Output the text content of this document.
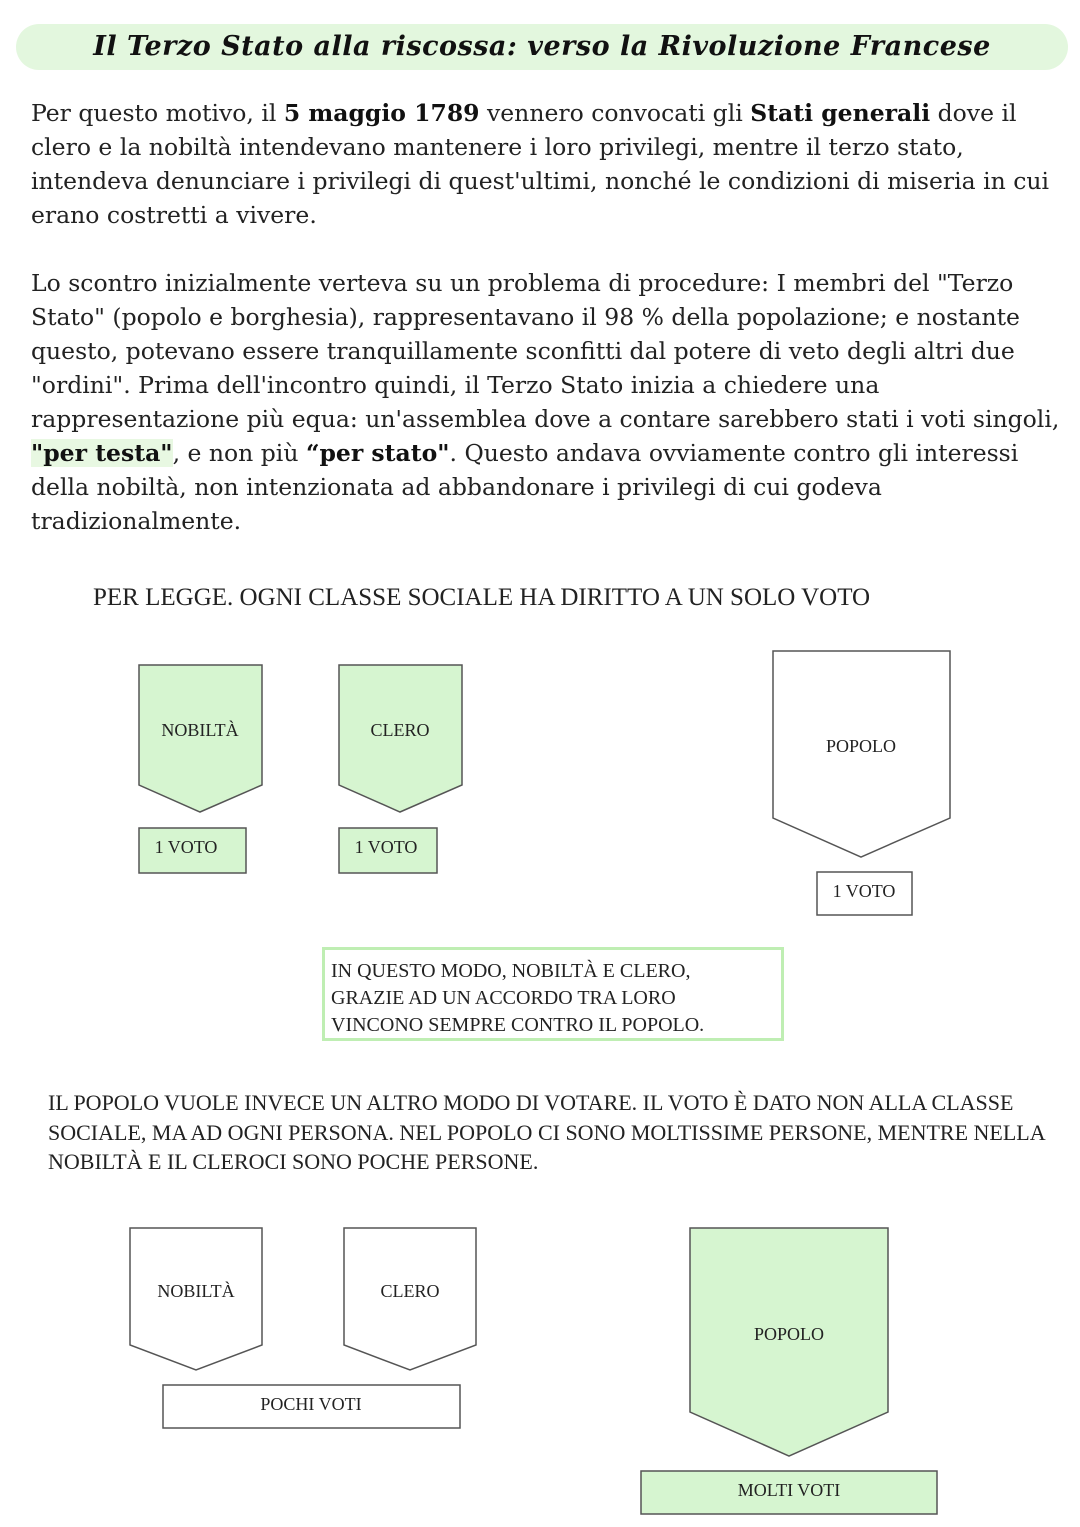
Il Terzo Stato alla riscossa: verso la Rivoluzione Francese

Per questo motivo, il 5 maggio 1789 vennero convocati gli Stati generali dove il clero e la nobiltà intendevano mantenere i loro privilegi, mentre il terzo stato, intendeva denunciare i privilegi di quest'ultimi, nonché le condizioni di miseria in cui erano costretti a vivere.

Lo scontro inizialmente verteva su un problema di procedure: I membri del "Terzo Stato" (popolo e borghesia), rappresentavano il 98 % della popolazione; e nostante questo, potevano essere tranquillamente sconfitti dal potere di veto degli altri due "ordini". Prima dell'incontro quindi, il Terzo Stato inizia a chiedere una rappresentazione più equa: un'assemblea dove a contare sarebbero stati i voti singoli, "per testa", e non più “per stato". Questo andava ovviamente contro gli interessi della nobiltà, non intenzionata ad abbandonare i privilegi di cui godeva tradizionalmente.

PER LEGGE. OGNI CLASSE SOCIALE HA DIRITTO A UN SOLO VOTO

NOBILTÀ
1 VOTO
CLERO
1 VOTO
POPOLO
1 VOTO
NOBILTÀ	CLERO
POCHI VOTI
POPOLO
MOLTI VOTI
IN QUESTO MODO, NOBILTÀ E CLERO,
GRAZIE AD UN ACCORDO TRA LORO
VINCONO SEMPRE CONTRO IL POPOLO.

IL POPOLO VUOLE INVECE UN ALTRO MODO DI VOTARE. IL VOTO È DATO NON ALLA CLASSE SOCIALE, MA AD OGNI PERSONA. NEL POPOLO CI SONO MOLTISSIME PERSONE, MENTRE NELLA NOBILTÀ E IL CLEROCI SONO POCHE PERSONE.
